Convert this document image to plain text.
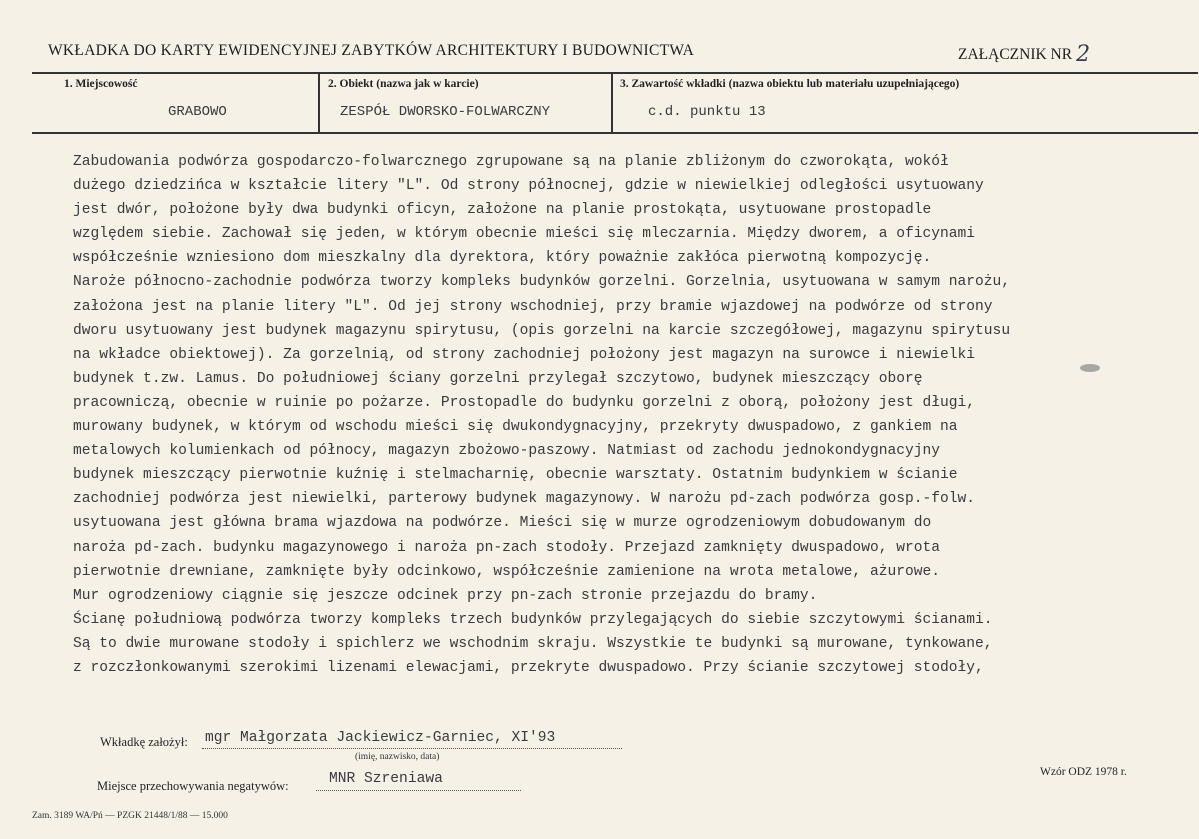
WKŁADKA DO KARTY EWIDENCYJNEJ ZABYTKÓW ARCHITEKTURY I BUDOWNICTWA	ZAŁĄCZNIK NR 2
1. Miejscowość
GRABOWO
2. Obiekt (nazwa jak w karcie)
ZESPÓŁ DWORSKO-FOLWARCZNY
3. Zawartość wkładki (nazwa obiektu lub materiału uzupełniającego)
c.d. punktu 13
Zabudowania podwórza gospodarczo-folwarcznego zgrupowane są na planie zbliżonym do czworokąta, wokół
dużego dziedzińca w kształcie litery "L". Od strony północnej, gdzie w niewielkiej odległości usytuowany
jest dwór, położone były dwa budynki oficyn, założone na planie prostokąta, usytuowane prostopadle
względem siebie. Zachował się jeden, w którym obecnie mieści się mleczarnia. Między dworem, a oficynami
współcześnie wzniesiono dom mieszkalny dla dyrektora, który poważnie zakłóca pierwotną kompozycję.
Naroże północno-zachodnie podwórza tworzy kompleks budynków gorzelni. Gorzelnia, usytuowana w samym narożu,
założona jest na planie litery "L". Od jej strony wschodniej, przy bramie wjazdowej na podwórze od strony
dworu usytuowany jest budynek magazynu spirytusu, (opis gorzelni na karcie szczegółowej, magazynu spirytusu
na wkładce obiektowej). Za gorzelnią, od strony zachodniej położony jest magazyn na surowce i niewielki
budynek t.zw. Lamus. Do południowej ściany gorzelni przylegał szczytowo, budynek mieszczący oborę
pracowniczą, obecnie w ruinie po pożarze. Prostopadle do budynku gorzelni z oborą, położony jest długi,
murowany budynek, w którym od wschodu mieści się dwukondygnacyjny, przekryty dwuspadowo, z gankiem na
metalowych kolumienkach od północy, magazyn zbożowo-paszowy. Natmiast od zachodu jednokondygnacyjny
budynek mieszczący pierwotnie kuźnię i stelmacharnię, obecnie warsztaty. Ostatnim budynkiem w ścianie
zachodniej podwórza jest niewielki, parterowy budynek magazynowy. W narożu pd-zach podwórza gosp.-folw.
usytuowana jest główna brama wjazdowa na podwórze. Mieści się w murze ogrodzeniowym dobudowanym do
naroża pd-zach. budynku magazynowego i naroża pn-zach stodoły. Przejazd zamknięty dwuspadowo, wrota
pierwotnie drewniane, zamknięte były odcinkowo, współcześnie zamienione na wrota metalowe, ażurowe.
Mur ogrodzeniowy ciągnie się jeszcze odcinek przy pn-zach stronie przejazdu do bramy.
Ścianę południową podwórza tworzy kompleks trzech budynków przylegających do siebie szczytowymi ścianami.
Są to dwie murowane stodoły i spichlerz we wschodnim skraju. Wszystkie te budynki są murowane, tynkowane,
z rozczłonkowanymi szerokimi lizenami elewacjami, przekryte dwuspadowo. Przy ścianie szczytowej stodoły,
Wkładkę założył: mgr Małgorzata Jackiewicz-Garniec, XI'93
(imię, nazwisko, data)
Miejsce przechowywania negatywów:	MNR Szreniawa	Wzór ODZ 1978 r.
Zam. 3189 WA/Pń — PZGK 21448/1/88 — 15.000
